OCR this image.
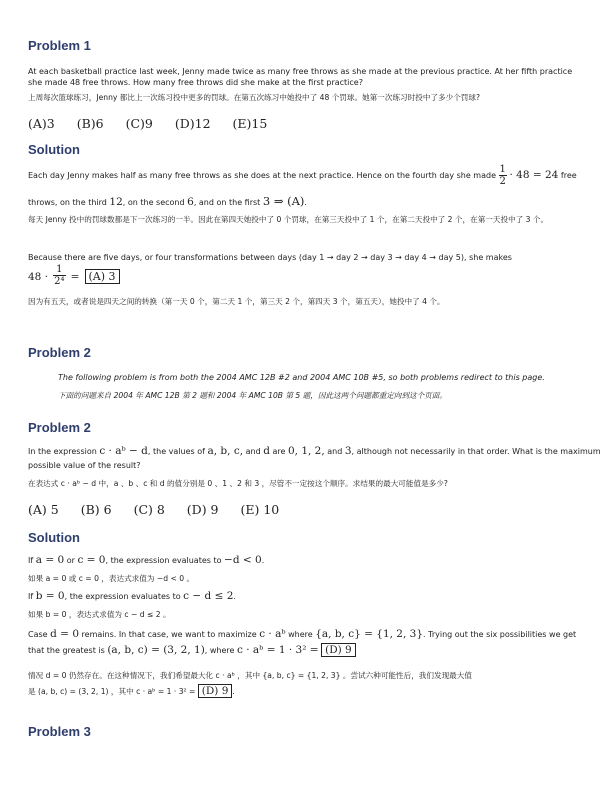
Problem 1

At each basketball practice last week, Jenny made twice as many free throws as she made at the previous practice. At her fifth practice she made 48 free throws. How many free throws did she make at the first practice?

上周每次篮球练习，Jenny 都比上一次练习投中更多的罚球。在第五次练习中她投中了 48 个罚球。她第一次练习时投中了多少个罚球?

(A)3 (B)6 (C)9 (D)12 (E)15
Solution
Each day Jenny makes half as many free throws as she does at the next practice. Hence on the fourth day she made $\frac{1}{2} \cdot 48 = 24$ free
throws, on the third 12, on the second 6, and on the first 3 ⇒ (A).

每天 Jenny 投中的罚球数都是下一次练习的一半。因此在第四天她投中了 0 个罚球，在第三天投中了 1 个，在第二天投中了 2 个，在第一天投中了 3 个。

Because there are five days, or four transformations between days (day 1 → day 2 → day 3 → day 4 → day 5), she makes

$48 \cdot \frac{1}{\text{2⁴}} = (A)$ 3

因为有五天，或者说是四天之间的转换（第一天 0 个，第二天 1 个，第三天 2 个，第四天 3 个，第五天），她投中了 4 个。

Problem 2

The following problem is from both the 2004 AMC 12B #2 and 2004 AMC 10B #5, so both problems redirect to this page.

下面的问题来自 2004 年 AMC 12B 第 2 题和 2004 年 AMC 10B 第 5 题，因此这两个问题都重定向到这个页面。

Problem 2
In the expression c · aᵇ − d, the values of a, b, c, and d are 0, 1, 2, and 3, although not necessarily in that order. What is the maximum

possible value of the result?

在表达式 c · aᵇ − d 中，a 、b 、c 和 d 的值分别是 0 、1 、2 和 3 ，尽管不一定按这个顺序。求结果的最大可能值是多少?

(A) 5 (B) 6 (C) 8 (D) 9 (E) 10
Solution
If a = 0 or c = 0, the expression evaluates to −d < 0.

如果 a = 0 或 c = 0 ，表达式求值为 −d < 0 。

If b = 0, the expression evaluates to c − d ≤ 2.

如果 b = 0 ，表达式求值为 c − d ≤ 2 。

Case d = 0 remains. In that case, we want to maximize c · aᵇ where {a, b, c} = {1, 2, 3}. Trying out the six possibilities we get
that the greatest is (a, b, c) = (3, 2, 1), where c · aᵇ = 1 · 3² = (D) 9

情况 d = 0 仍然存在。在这种情况下，我们希望最大化 c · aᵇ ，其中 {a, b, c} = {1, 2, 3} 。尝试六种可能性后，我们发现最大值

是 (a, b, c) = (3, 2, 1) ，其中 c · aᵇ = 1 · 3² = (D) 9 .
Problem 3
